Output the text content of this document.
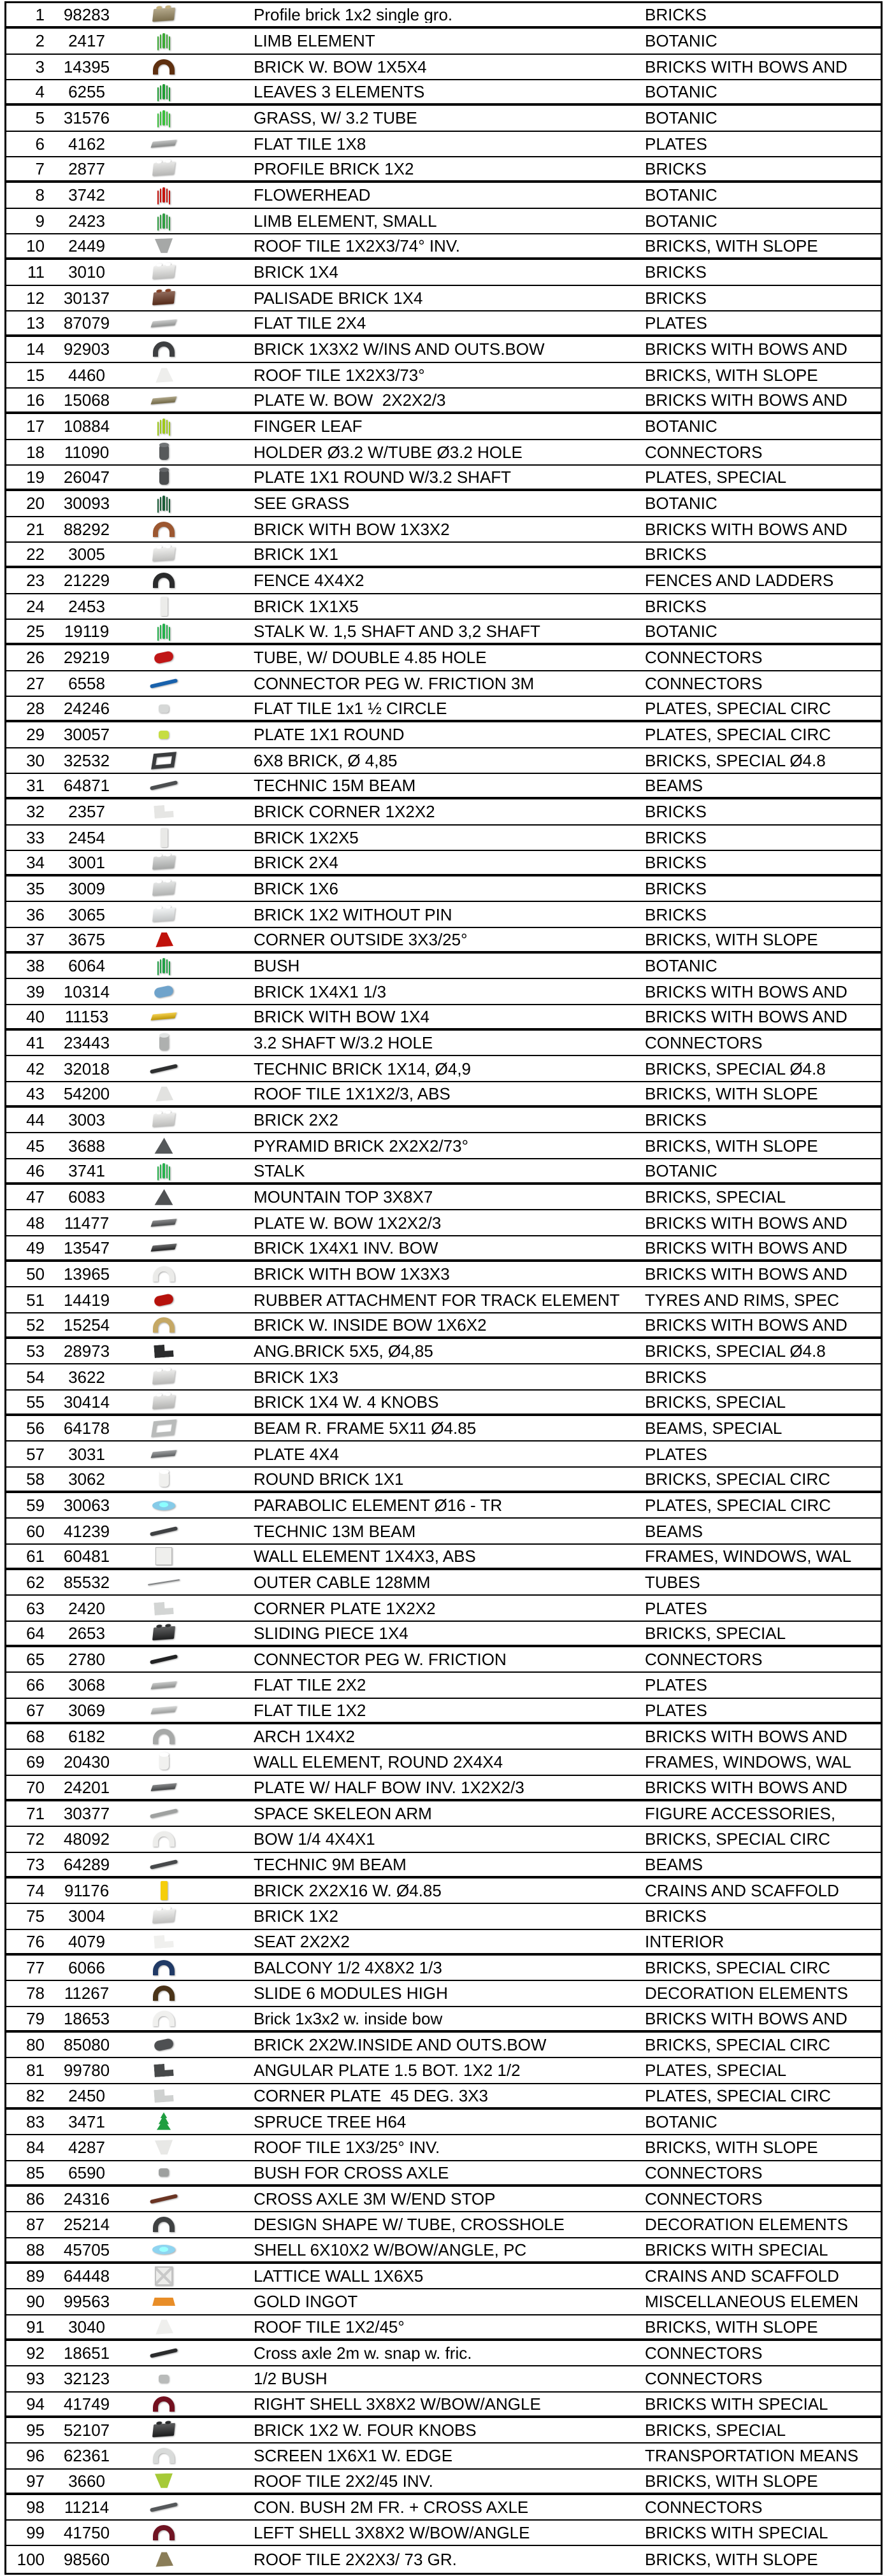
1	98283	Profile brick 1x2 single gro.	BRICKS
2	2417	LIMB ELEMENT	BOTANIC
3	14395	BRICK W. BOW 1X5X4	BRICKS WITH BOWS AND
4	6255	LEAVES 3 ELEMENTS	BOTANIC
5	31576	GRASS, W/ 3.2 TUBE	BOTANIC
6	4162	FLAT TILE 1X8	PLATES
7	2877	PROFILE BRICK 1X2	BRICKS
8	3742	FLOWERHEAD	BOTANIC
9	2423	LIMB ELEMENT, SMALL	BOTANIC
10	2449	ROOF TILE 1X2X3/74° INV.	BRICKS, WITH SLOPE
11	3010	BRICK 1X4	BRICKS
12	30137	PALISADE BRICK 1X4	BRICKS
13	87079	FLAT TILE 2X4	PLATES
14	92903	BRICK 1X3X2 W/INS AND OUTS.BOW	BRICKS WITH BOWS AND
15	4460	ROOF TILE 1X2X3/73°	BRICKS, WITH SLOPE
16	15068	PLATE W. BOW  2X2X2/3	BRICKS WITH BOWS AND
17	10884	FINGER LEAF	BOTANIC
18	11090	HOLDER Ø3.2 W/TUBE Ø3.2 HOLE	CONNECTORS
19	26047	PLATE 1X1 ROUND W/3.2 SHAFT	PLATES, SPECIAL
20	30093	SEE GRASS	BOTANIC
21	88292	BRICK WITH BOW 1X3X2	BRICKS WITH BOWS AND
22	3005	BRICK 1X1	BRICKS
23	21229	FENCE 4X4X2	FENCES AND LADDERS
24	2453	BRICK 1X1X5	BRICKS
25	19119	STALK W. 1,5 SHAFT AND 3,2 SHAFT	BOTANIC
26	29219	TUBE, W/ DOUBLE 4.85 HOLE	CONNECTORS
27	6558	CONNECTOR PEG W. FRICTION 3M	CONNECTORS
28	24246	FLAT TILE 1x1 ½ CIRCLE	PLATES, SPECIAL CIRC
29	30057	PLATE 1X1 ROUND	PLATES, SPECIAL CIRC
30	32532	6X8 BRICK, Ø 4,85	BRICKS, SPECIAL Ø4.8
31	64871	TECHNIC 15M BEAM	BEAMS
32	2357	BRICK CORNER 1X2X2	BRICKS
33	2454	BRICK 1X2X5	BRICKS
34	3001	BRICK 2X4	BRICKS
35	3009	BRICK 1X6	BRICKS
36	3065	BRICK 1X2 WITHOUT PIN	BRICKS
37	3675	CORNER OUTSIDE 3X3/25°	BRICKS, WITH SLOPE
38	6064	BUSH	BOTANIC
39	10314	BRICK 1X4X1 1/3	BRICKS WITH BOWS AND
40	11153	BRICK WITH BOW 1X4	BRICKS WITH BOWS AND
41	23443	3.2 SHAFT W/3.2 HOLE	CONNECTORS
42	32018	TECHNIC BRICK 1X14, Ø4,9	BRICKS, SPECIAL Ø4.8
43	54200	ROOF TILE 1X1X2/3, ABS	BRICKS, WITH SLOPE
44	3003	BRICK 2X2	BRICKS
45	3688	PYRAMID BRICK 2X2X2/73°	BRICKS, WITH SLOPE
46	3741	STALK	BOTANIC
47	6083	MOUNTAIN TOP 3X8X7	BRICKS, SPECIAL
48	11477	PLATE W. BOW 1X2X2/3	BRICKS WITH BOWS AND
49	13547	BRICK 1X4X1 INV. BOW	BRICKS WITH BOWS AND
50	13965	BRICK WITH BOW 1X3X3	BRICKS WITH BOWS AND
51	14419	RUBBER ATTACHMENT FOR TRACK ELEMENT	TYRES AND RIMS, SPEC
52	15254	BRICK W. INSIDE BOW 1X6X2	BRICKS WITH BOWS AND
53	28973	ANG.BRICK 5X5, Ø4,85	BRICKS, SPECIAL Ø4.8
54	3622	BRICK 1X3	BRICKS
55	30414	BRICK 1X4 W. 4 KNOBS	BRICKS, SPECIAL
56	64178	BEAM R. FRAME 5X11 Ø4.85	BEAMS, SPECIAL
57	3031	PLATE 4X4	PLATES
58	3062	ROUND BRICK 1X1	BRICKS, SPECIAL CIRC
59	30063	PARABOLIC ELEMENT Ø16 - TR	PLATES, SPECIAL CIRC
60	41239	TECHNIC 13M BEAM	BEAMS
61	60481	WALL ELEMENT 1X4X3, ABS	FRAMES, WINDOWS, WAL
62	85532	OUTER CABLE 128MM	TUBES
63	2420	CORNER PLATE 1X2X2	PLATES
64	2653	SLIDING PIECE 1X4	BRICKS, SPECIAL
65	2780	CONNECTOR PEG W. FRICTION	CONNECTORS
66	3068	FLAT TILE 2X2	PLATES
67	3069	FLAT TILE 1X2	PLATES
68	6182	ARCH 1X4X2	BRICKS WITH BOWS AND
69	20430	WALL ELEMENT, ROUND 2X4X4	FRAMES, WINDOWS, WAL
70	24201	PLATE W/ HALF BOW INV. 1X2X2/3	BRICKS WITH BOWS AND
71	30377	SPACE SKELEON ARM	FIGURE ACCESSORIES,
72	48092	BOW 1/4 4X4X1	BRICKS, SPECIAL CIRC
73	64289	TECHNIC 9M BEAM	BEAMS
74	91176	BRICK 2X2X16 W. Ø4.85	CRAINS AND SCAFFOLD
75	3004	BRICK 1X2	BRICKS
76	4079	SEAT 2X2X2	INTERIOR
77	6066	BALCONY 1/2 4X8X2 1/3	BRICKS, SPECIAL CIRC
78	11267	SLIDE 6 MODULES HIGH	DECORATION ELEMENTS
79	18653	Brick 1x3x2 w. inside bow	BRICKS WITH BOWS AND
80	85080	BRICK 2X2W.INSIDE AND OUTS.BOW	BRICKS, SPECIAL CIRC
81	99780	ANGULAR PLATE 1.5 BOT. 1X2 1/2	PLATES, SPECIAL
82	2450	CORNER PLATE  45 DEG. 3X3	PLATES, SPECIAL CIRC
83	3471	SPRUCE TREE H64	BOTANIC
84	4287	ROOF TILE 1X3/25° INV.	BRICKS, WITH SLOPE
85	6590	BUSH FOR CROSS AXLE	CONNECTORS
86	24316	CROSS AXLE 3M W/END STOP	CONNECTORS
87	25214	DESIGN SHAPE W/ TUBE, CROSSHOLE	DECORATION ELEMENTS
88	45705	SHELL 6X10X2 W/BOW/ANGLE, PC	BRICKS WITH SPECIAL
89	64448	LATTICE WALL 1X6X5	CRAINS AND SCAFFOLD
90	99563	GOLD INGOT	MISCELLANEOUS ELEMEN
91	3040	ROOF TILE 1X2/45°	BRICKS, WITH SLOPE
92	18651	Cross axle 2m w. snap w. fric.	CONNECTORS
93	32123	1/2 BUSH	CONNECTORS
94	41749	RIGHT SHELL 3X8X2 W/BOW/ANGLE	BRICKS WITH SPECIAL
95	52107	BRICK 1X2 W. FOUR KNOBS	BRICKS, SPECIAL
96	62361	SCREEN 1X6X1 W. EDGE	TRANSPORTATION MEANS
97	3660	ROOF TILE 2X2/45 INV.	BRICKS, WITH SLOPE
98	11214	CON. BUSH 2M FR. + CROSS AXLE	CONNECTORS
99	41750	LEFT SHELL 3X8X2 W/BOW/ANGLE	BRICKS WITH SPECIAL
100	98560	ROOF TILE 2X2X3/ 73 GR.	BRICKS, WITH SLOPE
